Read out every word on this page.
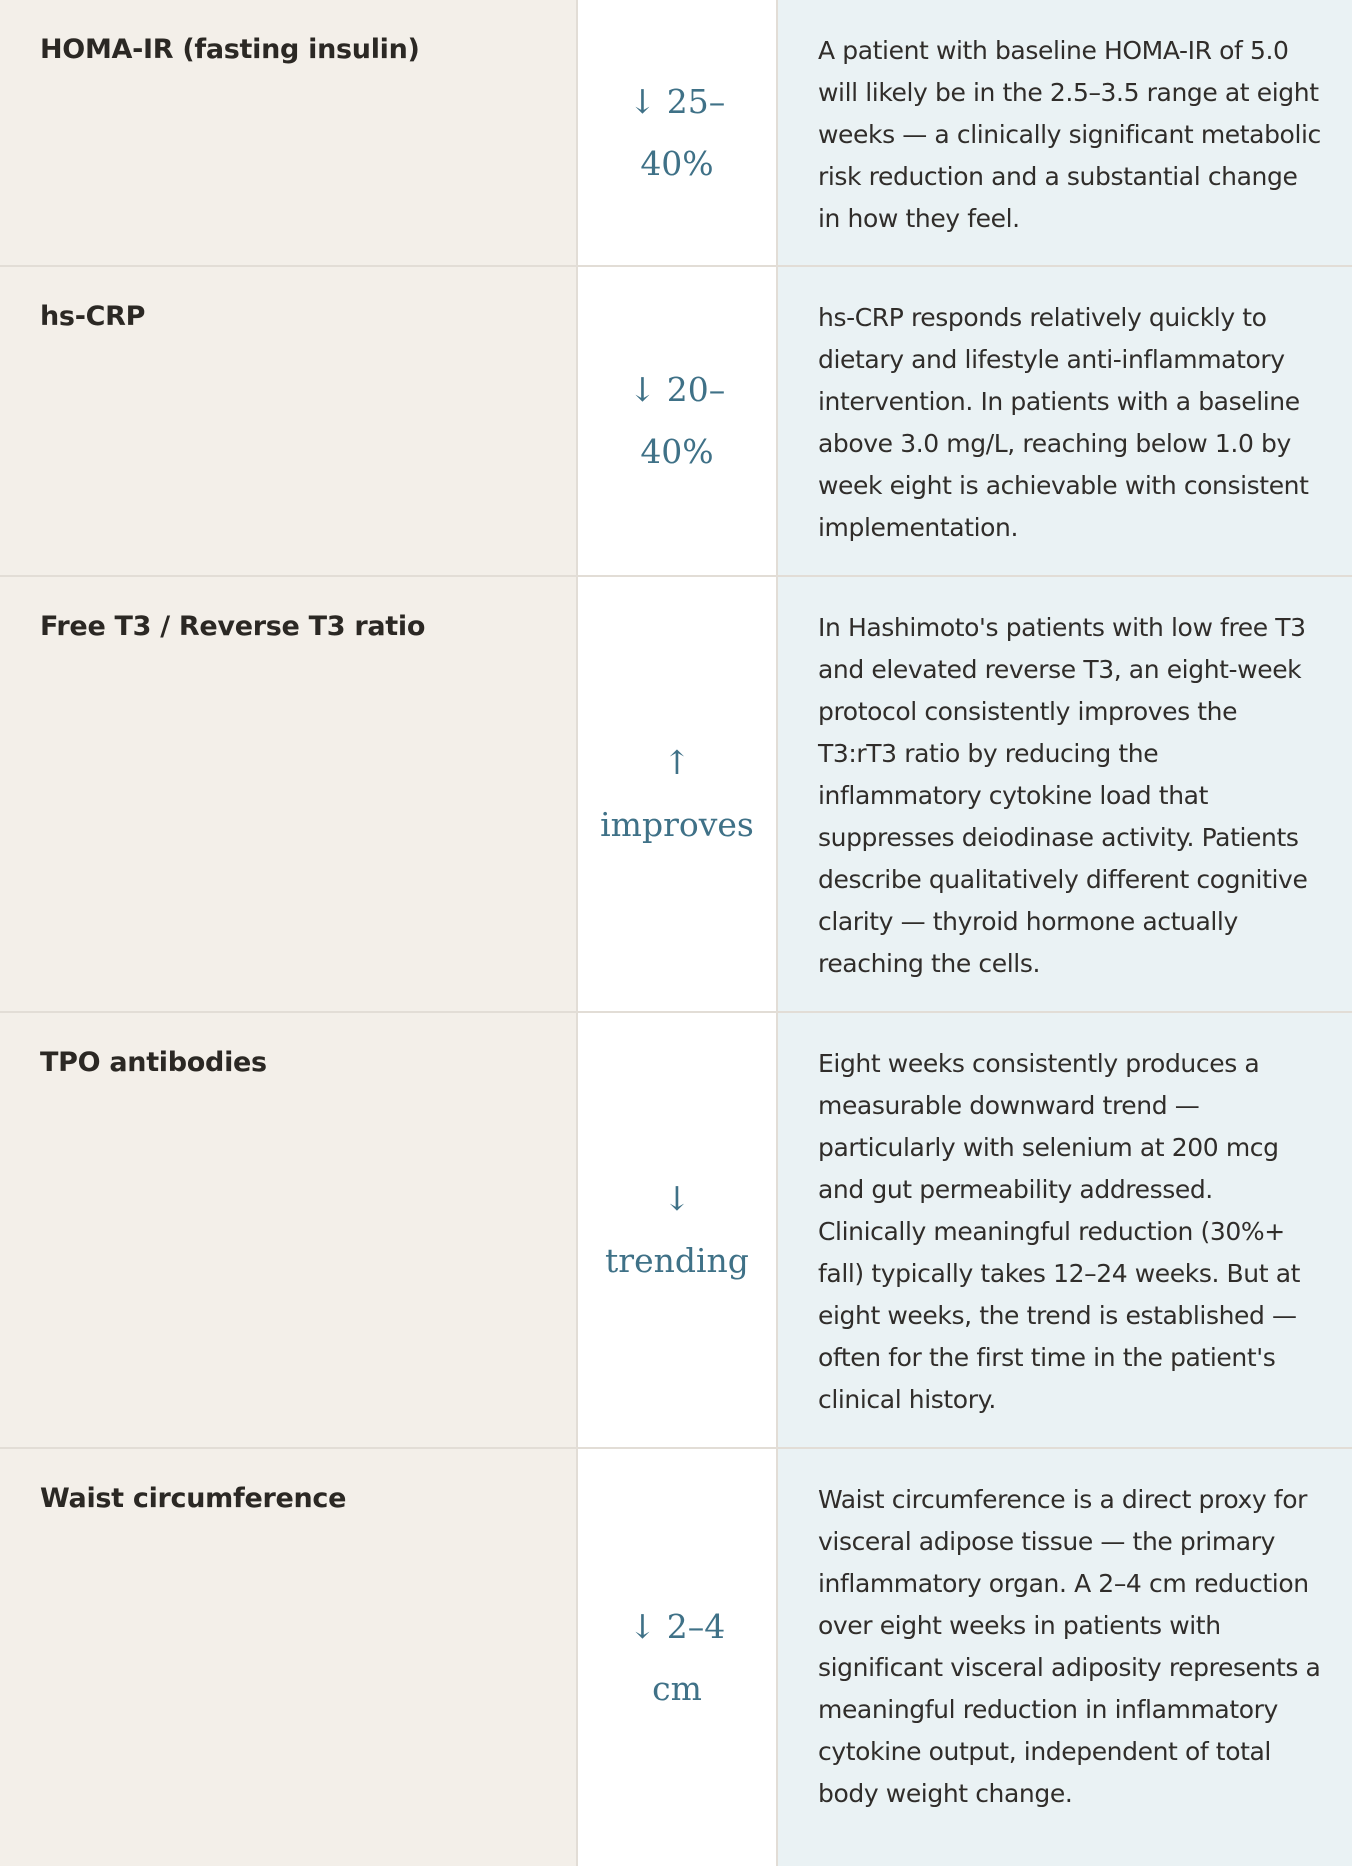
HOMA-IR (fasting insulin)
↓ 25–
40%
A patient with baseline HOMA-IR of 5.0 will likely be in the 2.5–3.5 range at eight weeks — a clinically significant metabolic risk reduction and a substantial change in how they feel.
hs-CRP
↓ 20–
40%
hs-CRP responds relatively quickly to dietary and lifestyle anti-inflammatory intervention. In patients with a baseline above 3.0 mg/L, reaching below 1.0 by week eight is achievable with consistent implementation.
Free T3 / Reverse T3 ratio
↑
improves
In Hashimoto's patients with low free T3 and elevated reverse T3, an eight-week protocol consistently improves the T3:rT3 ratio by reducing the inflammatory cytokine load that suppresses deiodinase activity. Patients describe qualitatively different cognitive clarity — thyroid hormone actually reaching the cells.
TPO antibodies
↓
trending
Eight weeks consistently produces a measurable downward trend — particularly with selenium at 200 mcg and gut permeability addressed. Clinically meaningful reduction (30%+ fall) typically takes 12–24 weeks. But at eight weeks, the trend is established — often for the first time in the patient's clinical history.
Waist circumference
↓ 2–4
cm
Waist circumference is a direct proxy for visceral adipose tissue — the primary inflammatory organ. A 2–4 cm reduction over eight weeks in patients with significant visceral adiposity represents a meaningful reduction in inflammatory cytokine output, independent of total body weight change.
